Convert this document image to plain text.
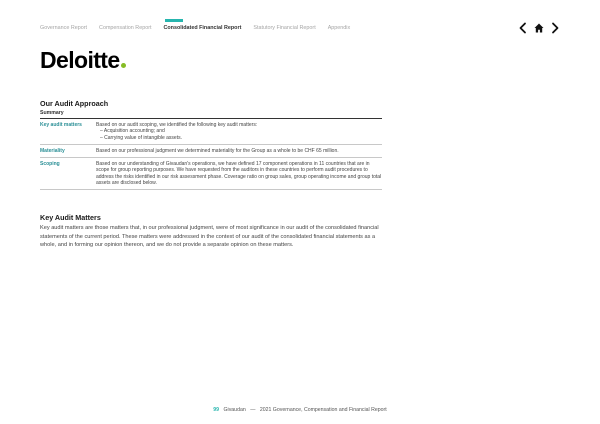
Governance Report Compensation Report Consolidated Financial Report Statutory Financial Report Appendix
Deloitte
Our Audit Approach
Summary
Key audit matters	Based on our audit scoping, we identified the following key audit matters:
– Acquisition accounting; and
– Carrying value of intangible assets.
Materiality	Based on our professional judgment we determined materiality for the Group as a whole to be CHF 65 million.
Scoping	Based on our understanding of Givaudan's operations, we have defined 17 component operations in 11 countries that are in scope for group reporting purposes. We have requested from the auditors in these countries to perform audit procedures to address the risks identified in our risk assessment phase. Coverage ratio on group sales, group operating income and group total assets are disclosed below.
Key Audit Matters
Key audit matters are those matters that, in our professional judgment, were of most significance in our audit of the consolidated financial statements of the current period. These matters were addressed in the context of our audit of the consolidated financial statements as a whole, and in forming our opinion thereon, and we do not provide a separate opinion on these matters.
99 Givaudan — 2021 Governance, Compensation and Financial Report
